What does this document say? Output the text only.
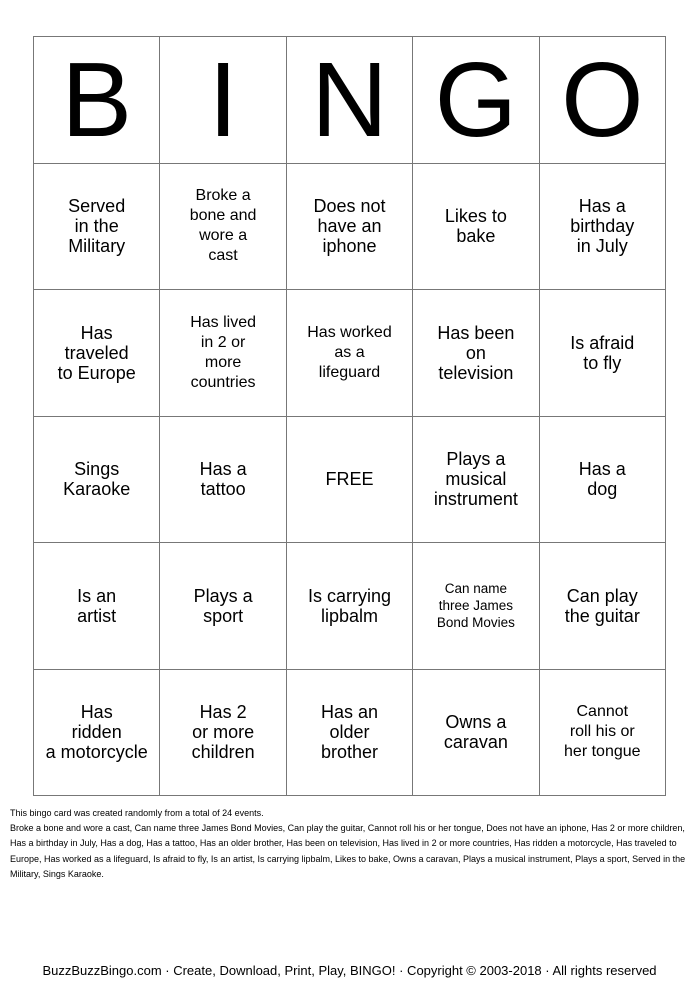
B I N G O
Served
in the
Military
Broke a
bone and
wore a
cast
Does not
have an
iphone
Likes to
bake
Has a
birthday
in July
Has
traveled
to Europe
Has lived
in 2 or
more
countries
Has worked
as a
lifeguard
Has been
on
television
Is afraid
to fly
Sings
Karaoke
Has a
tattoo	FREE
Plays a
musical
instrument
Has a
dog
Is an
artist
Plays a
sport
Is carrying
lipbalm
Can name
three James
Bond Movies
Can play
the guitar
Has
ridden
a motorcycle
Has 2
or more
children
Has an
older
brother
Owns a
caravan
Cannot
roll his or
her tongue

This bingo card was created randomly from a total of 24 events.

Broke a bone and wore a cast, Can name three James Bond Movies, Can play the guitar, Cannot roll his or her tongue, Does not have an iphone, Has 2 or more children, Has a birthday in July, Has a dog, Has a tattoo, Has an older brother, Has been on television, Has lived in 2 or more countries, Has ridden a motorcycle, Has traveled to Europe, Has worked as a lifeguard, Is afraid to fly, Is an artist, Is carrying lipbalm, Likes to bake, Owns a caravan, Plays a musical instrument, Plays a sport, Served in the Military, Sings Karaoke.

BuzzBuzzBingo.com · Create, Download, Print, Play, BINGO! · Copyright © 2003-2018 · All rights reserved
